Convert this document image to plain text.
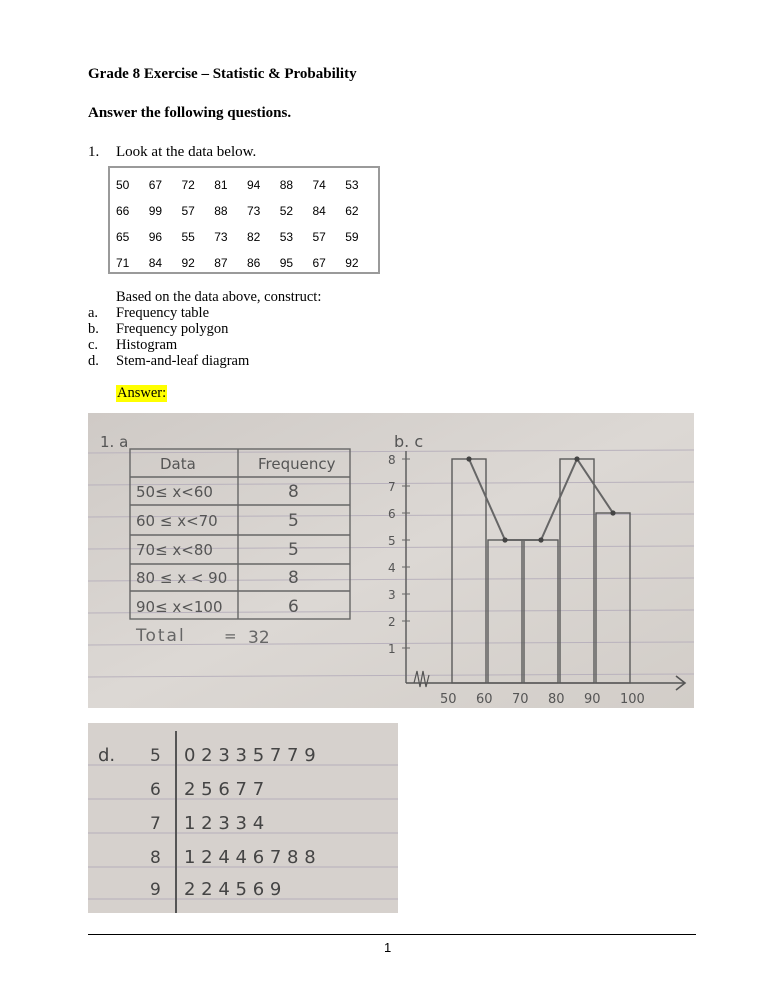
Grade 8 Exercise – Statistic & Probability
Answer the following questions.
1. Look at the data below.
50	67	72	81	94	88	74	53
66	99	57	88	73	52	84	62
65	96	55	73	82	53	57	59
71	84	92	87	86	95	67	92
Based on the data above, construct:
a.	Frequency table
b.	Frequency polygon
c.	Histogram
d.	Stem-and-leaf diagram
Answer:
1. a
Data	Frequency
50≤ x<60	8
60 ≤ x<70	5
70≤ x<80	5
80 ≤ x < 90	8
90≤ x<100	6
Total	= 32
b. c
1
2
3
4
5
6
7
8
50 60 70 80 90 100
d. 5 0 2 3 3 5 7 7 9
6 2 5 6 7 7
7 1 2 3 3 4
8 1 2 4 4 6 7 8 8
9 2 2 4 5 6 9
1
